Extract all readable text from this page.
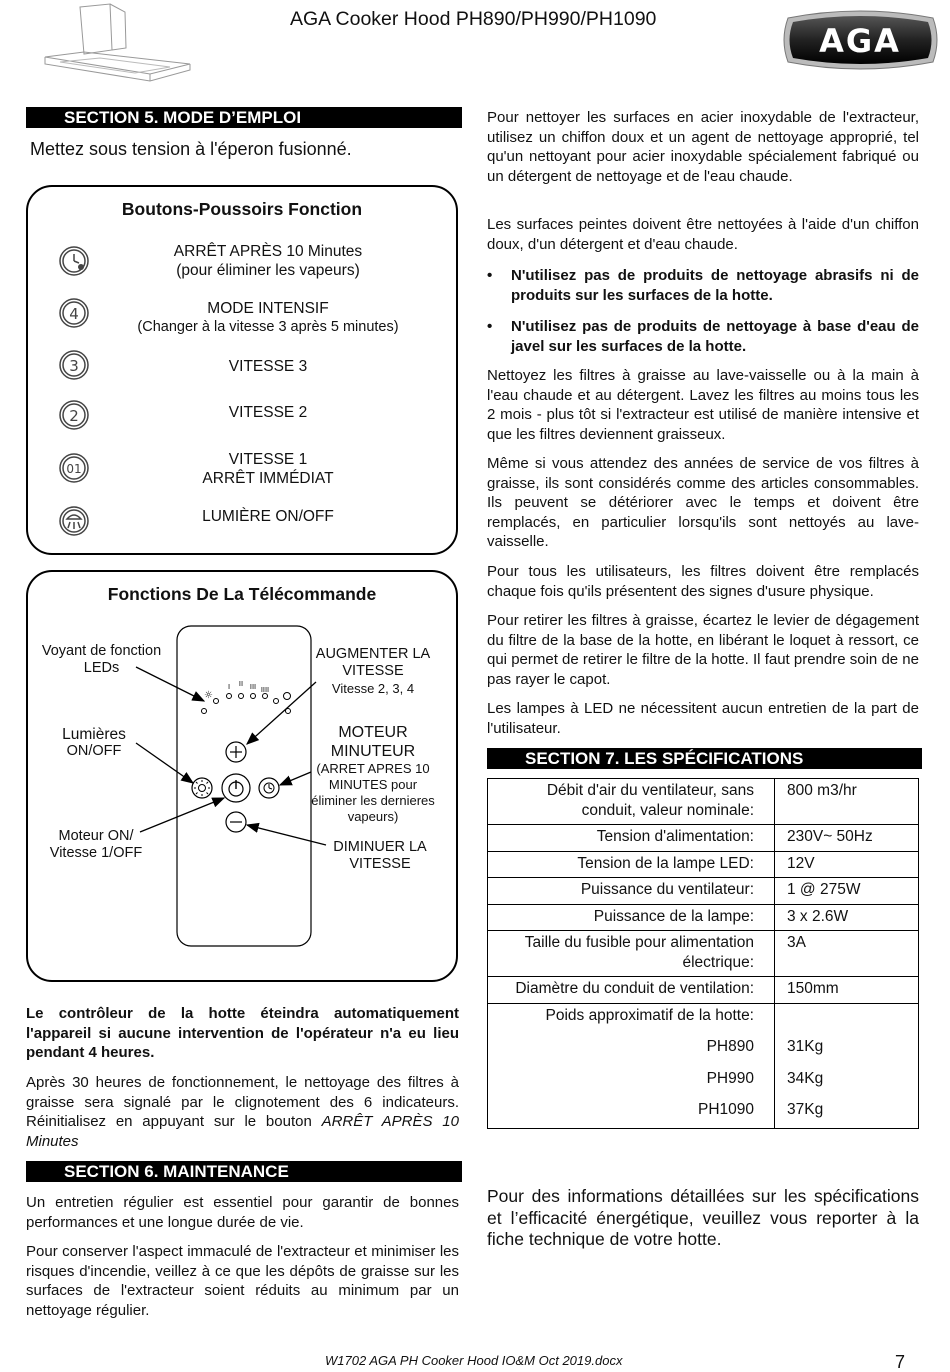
AGA Cooker Hood PH890/PH990/PH1090
AGA
SECTION 5. MODE D’EMPLOI
Mettez sous tension à l'éperon fusionné.
Boutons-Poussoirs Fonction
ARRÊT APRÈS 10 Minutes
(pour éliminer les vapeurs)
4	MODE INTENSIF
(Changer à la vitesse 3 après 5 minutes)
3	VITESSE 3
2	VITESSE 2
01
VITESSE 1
ARRÊT IMMÉDIAT
LUMIÈRE ON/OFF
Fonctions De La Télécommande
I II III IIII
☼
Voyant de fonction
LEDs
Lumières
ON/OFF
Moteur ON/
Vitesse 1/OFF
AUGMENTER LA
VITESSE
Vitesse 2, 3, 4
MOTEUR
MINUTEUR
(ARRET APRES 10
MINUTES pour
éliminer les dernieres
vapeurs)
DIMINUER LA
VITESSE
Le contrôleur de la hotte éteindra automatiquement l'appareil si aucune intervention de l'opérateur n'a eu lieu pendant 4 heures.
Après 30 heures de fonctionnement, le nettoyage des filtres à graisse sera signalé par le clignotement des 6 indicateurs. Réinitialisez en appuyant sur le bouton ARRÊT APRÈS 10 Minutes
SECTION 6. MAINTENANCE
Un entretien régulier est essentiel pour garantir de bonnes performances et une longue durée de vie.
Pour conserver l'aspect immaculé de l'extracteur et minimiser les risques d'incendie, veillez à ce que les dépôts de graisse sur les surfaces de l'extracteur soient réduits au minimum par un nettoyage régulier.
Pour nettoyer les surfaces en acier inoxydable de l'extracteur, utilisez un chiffon doux et un agent de nettoyage approprié, tel qu'un nettoyant pour acier inoxydable spécialement fabriqué ou un détergent de nettoyage et de l'eau chaude.
Les surfaces peintes doivent être nettoyées à l'aide d'un chiffon doux, d'un détergent et d'eau chaude.
• N'utilisez pas de produits de nettoyage abrasifs ni de produits sur les surfaces de la hotte.
• N'utilisez pas de produits de nettoyage à base d'eau de javel sur les surfaces de la hotte.
Nettoyez les filtres à graisse au lave-vaisselle ou à la main à l'eau chaude et au détergent. Lavez les filtres au moins tous les 2 mois - plus tôt si l'extracteur est utilisé de manière intensive et que les filtres deviennent graisseux.
Même si vous attendez des années de service de vos filtres à graisse, ils sont considérés comme des articles consommables. Ils peuvent se détériorer avec le temps et doivent être remplacés, en particulier lorsqu'ils sont nettoyés au lave-vaisselle.
Pour tous les utilisateurs, les filtres doivent être remplacés chaque fois qu'ils présentent des signes d'usure physique.
Pour retirer les filtres à graisse, écartez le levier de dégagement du filtre de la base de la hotte, en libérant le loquet à ressort, ce qui permet de retirer le filtre de la hotte. Il faut prendre soin de ne pas rayer le capot.
Les lampes à LED ne nécessitent aucun entretien de la part de l'utilisateur.
SECTION 7. LES SPÉCIFICATIONS
Débit d'air du ventilateur, sans
conduit, valeur nominale:	800 m3/hr
Tension d'alimentation:	230V~ 50Hz
Tension de la lampe LED:	12V
Puissance du ventilateur:	1 @ 275W
Puissance de la lampe:	3 x 2.6W

Taille du fusible pour alimentation
électrique:	3A
Diamètre du conduit de ventilation:	150mm
Poids approximatif de la hotte:	
PH890	31Kg
PH990	34Kg
PH1090	37Kg
Pour des informations détaillées sur les spécifications et l’efficacité énergétique, veuillez vous reporter à la fiche technique de votre hotte.
W1702 AGA PH Cooker Hood IO&M Oct 2019.docx	7
